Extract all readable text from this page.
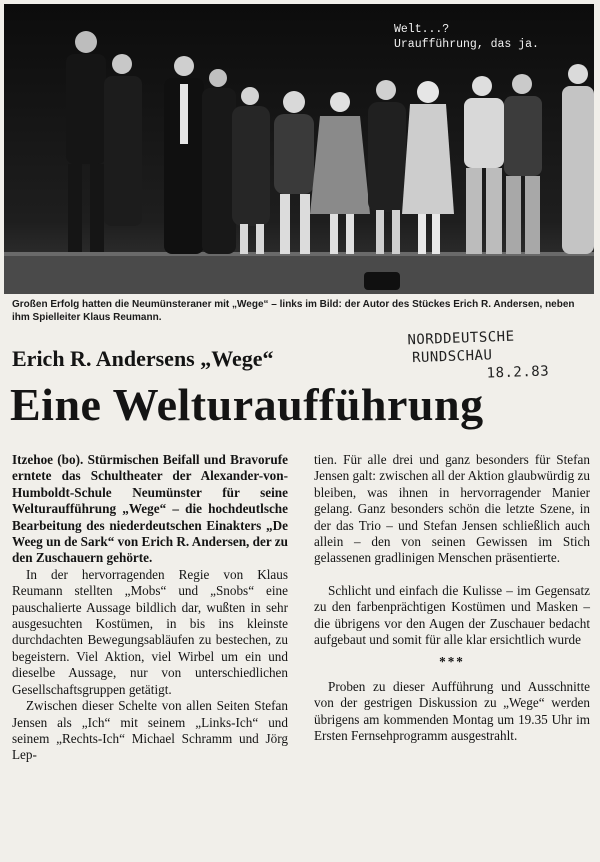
Welt...?
Uraufführung, das ja.
Großen Erfolg hatten die Neumünsteraner mit „Wege“ – links im Bild: der Autor des Stückes Erich R. Andersen, neben ihm Spielleiter Klaus Reumann.
NORDDEUTSCHE
RUNDSCHAU
18.2.83
Erich R. Andersens „Wege“
Eine Welturaufführung

Itzehoe (bo). Stürmischen Beifall und Bravorufe erntete das Schultheater der Alexander-von-Humboldt-Schule Neumünster für seine Welturaufführung „Wege“ – die hochdeutlsche Bearbeitung des niederdeutschen Einakters „De Weeg un de Sark“ von Erich R. Andersen, der zu den Zuschauern gehörte.

In der hervorragenden Regie von Klaus Reumann stellten „Mobs“ und „Snobs“ eine pauschalierte Aussage bildlich dar, wußten in sehr ausgesuchten Kostümen, in bis ins kleinste durchdachten Bewegungsabläufen zu bestechen, zu begeistern. Viel Aktion, viel Wirbel um ein und dieselbe Aussage, nur von unterschiedlichen Gesellschaftsgruppen getätigt.

Zwischen dieser Schelte von allen Seiten Stefan Jensen als „Ich“ mit seinem „Links-Ich“ und seinem „Rechts-Ich“ Michael Schramm und Jörg Lep-

tien. Für alle drei und ganz besonders für Stefan Jensen galt: zwischen all der Aktion glaubwürdig zu bleiben, was ihnen in hervorragender Manier gelang. Ganz besonders schön die letzte Szene, in der das Trio – und Stefan Jensen schließlich auch allein – den von seinen Gewissen im Stich gelassenen gradlinigen Menschen präsentierte.

Schlicht und einfach die Kulisse – im Gegensatz zu den farbenprächtigen Kostümen und Masken – die übrigens vor den Augen der Zuschauer bedacht aufgebaut und somit für alle klar ersichtlich wurde

***

Proben zu dieser Aufführung und Ausschnitte von der gestrigen Diskussion zu „Wege“ werden übrigens am kommenden Montag um 19.35 Uhr im Ersten Fernsehprogramm ausgestrahlt.
